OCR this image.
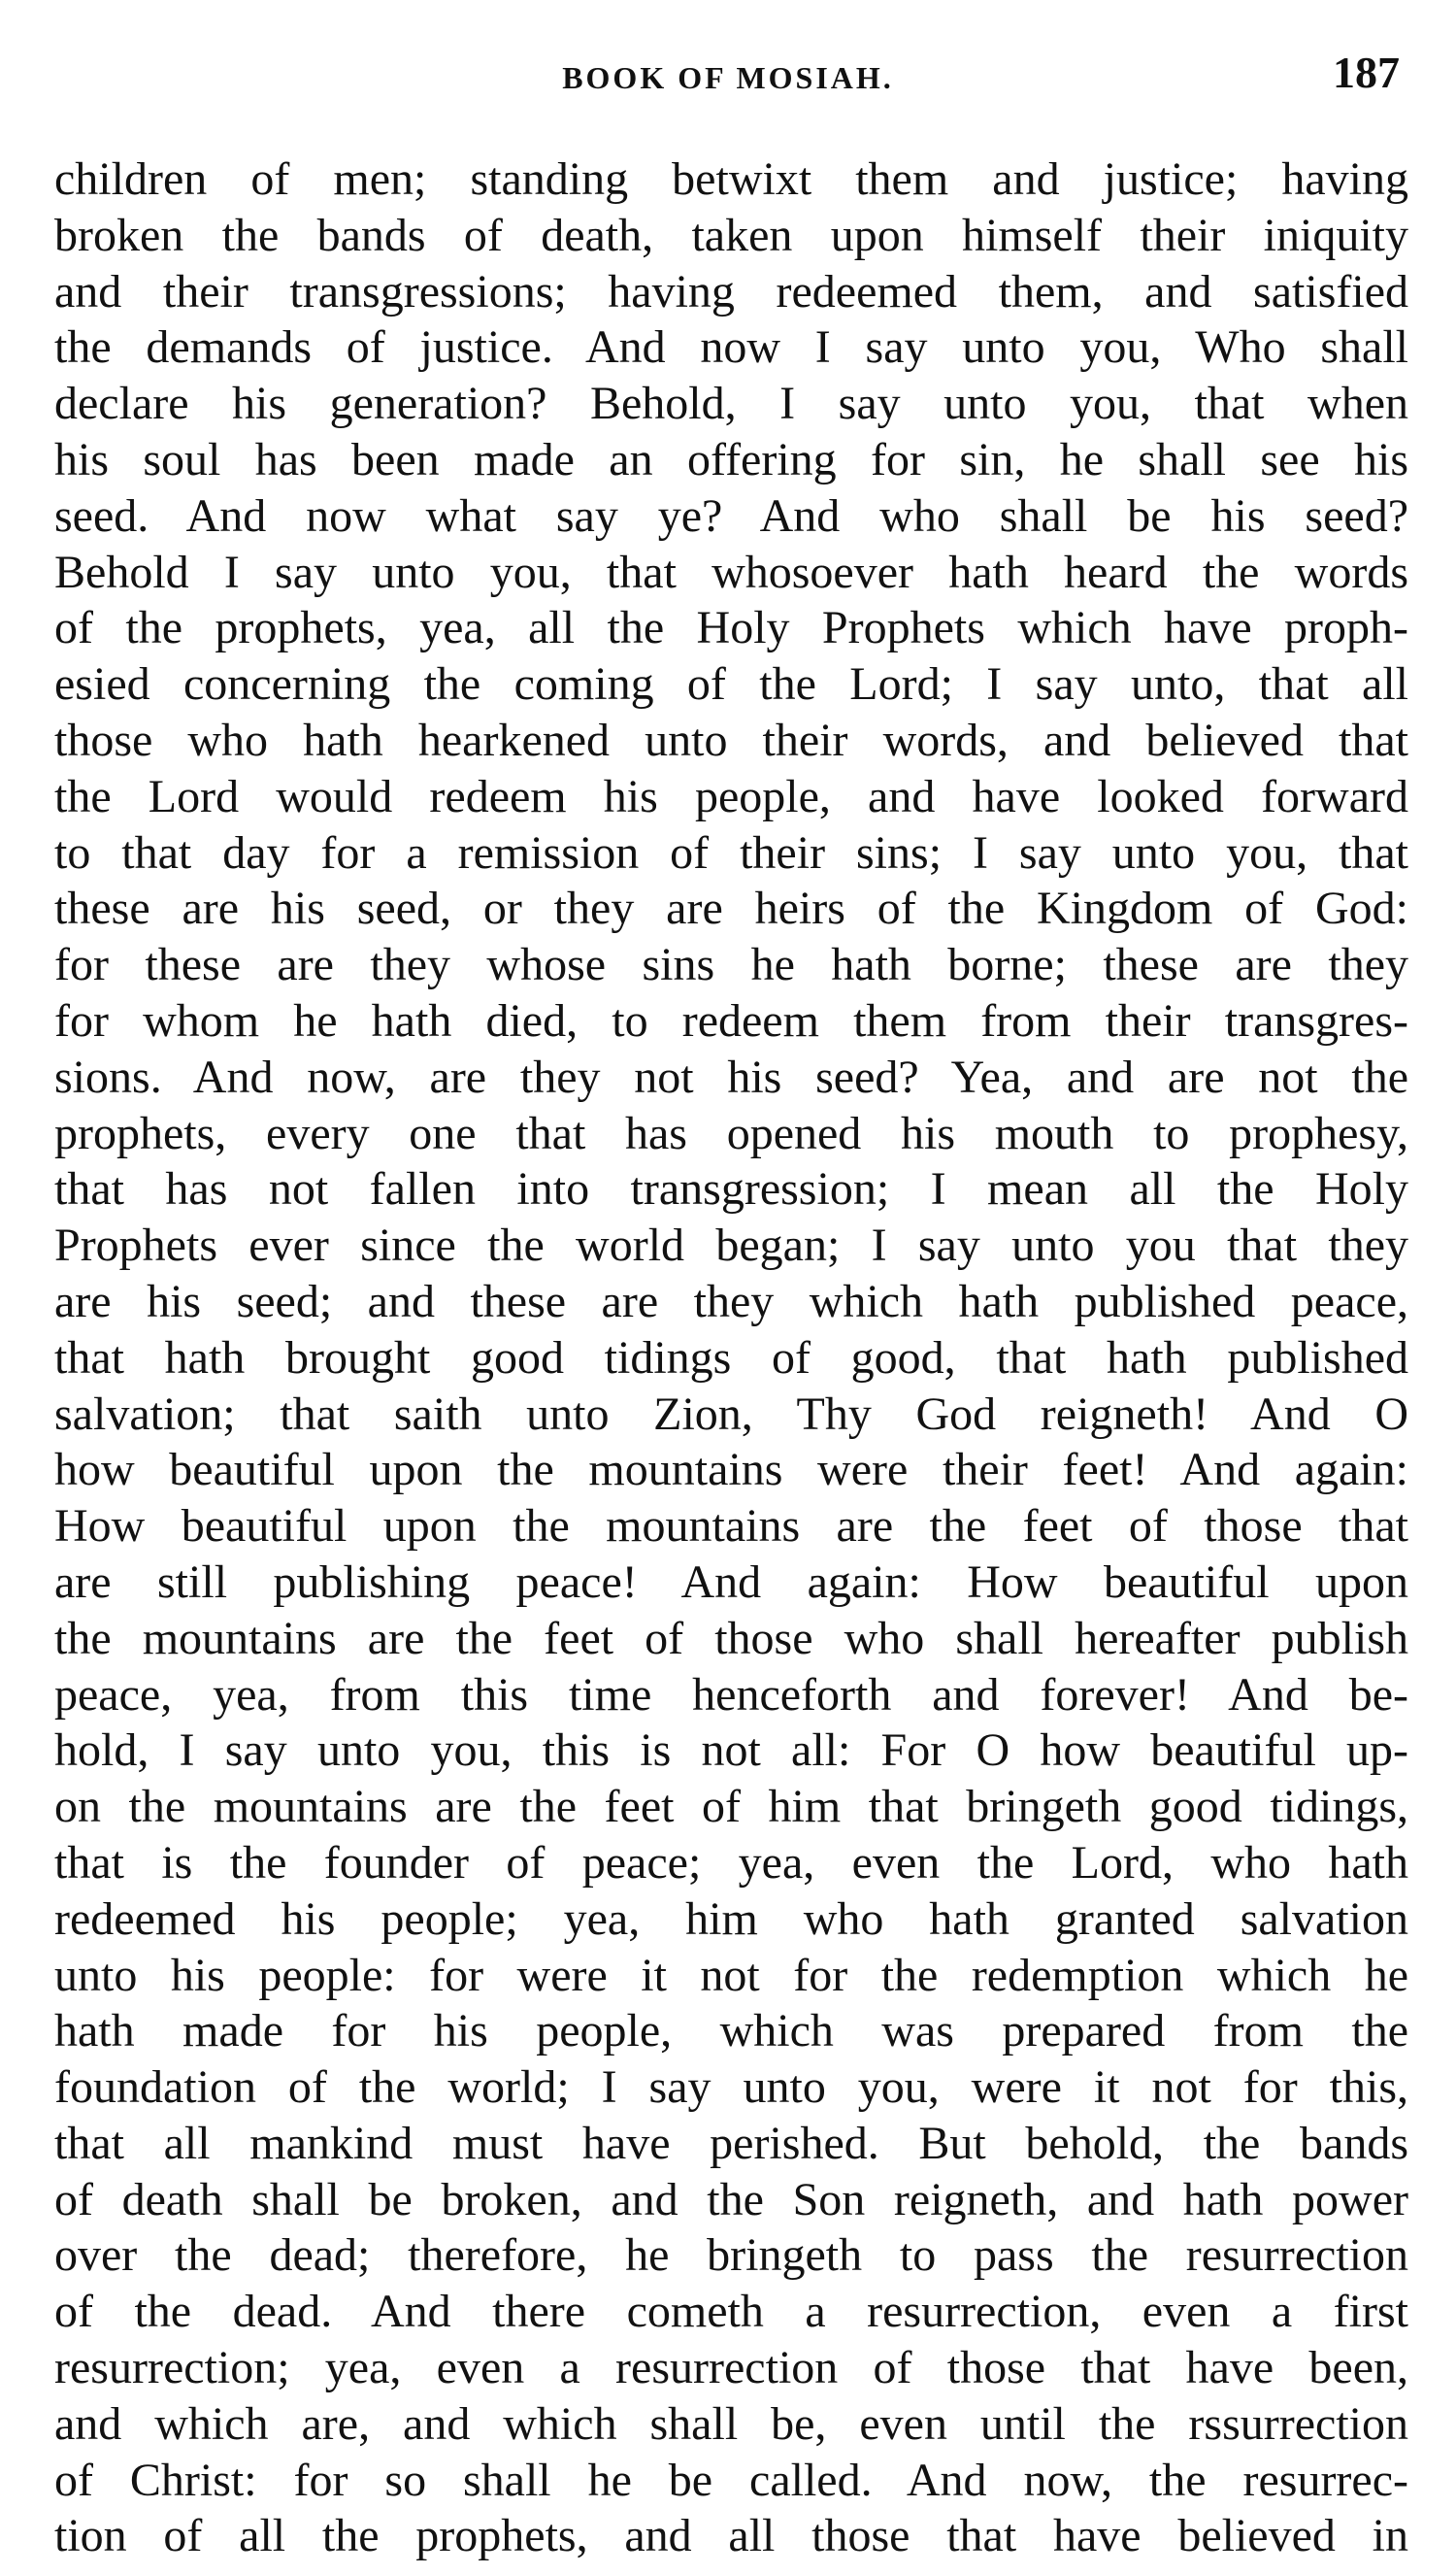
BOOK OF MOSIAH.	187
children of men; standing betwixt them and justice; having
broken the bands of death, taken upon himself their iniquity
and their transgressions; having redeemed them, and satisfied
the demands of justice. And now I say unto you, Who shall
declare his generation? Behold, I say unto you, that when
his soul has been made an offering for sin, he shall see his
seed. And now what say ye? And who shall be his seed?
Behold I say unto you, that whosoever hath heard the words
of the prophets, yea, all the Holy Prophets which have proph-
esied concerning the coming of the Lord; I say unto, that all
those who hath hearkened unto their words, and believed that
the Lord would redeem his people, and have looked forward
to that day for a remission of their sins; I say unto you, that
these are his seed, or they are heirs of the Kingdom of God:
for these are they whose sins he hath borne; these are they
for whom he hath died, to redeem them from their transgres-
sions. And now, are they not his seed? Yea, and are not the
prophets, every one that has opened his mouth to prophesy,
that has not fallen into transgression; I mean all the Holy
Prophets ever since the world began; I say unto you that they
are his seed; and these are they which hath published peace,
that hath brought good tidings of good, that hath published
salvation; that saith unto Zion, Thy God reigneth! And O
how beautiful upon the mountains were their feet! And again:
How beautiful upon the mountains are the feet of those that
are still publishing peace! And again: How beautiful upon
the mountains are the feet of those who shall hereafter publish
peace, yea, from this time henceforth and forever! And be-
hold, I say unto you, this is not all: For O how beautiful up-
on the mountains are the feet of him that bringeth good tidings,
that is the founder of peace; yea, even the Lord, who hath
redeemed his people; yea, him who hath granted salvation
unto his people: for were it not for the redemption which he
hath made for his people, which was prepared from the
foundation of the world; I say unto you, were it not for this,
that all mankind must have perished. But behold, the bands
of death shall be broken, and the Son reigneth, and hath power
over the dead; therefore, he bringeth to pass the resurrection
of the dead. And there cometh a resurrection, even a first
resurrection; yea, even a resurrection of those that have been,
and which are, and which shall be, even until the rssurrection
of Christ: for so shall he be called. And now, the resurrec-
tion of all the prophets, and all those that have believed in
